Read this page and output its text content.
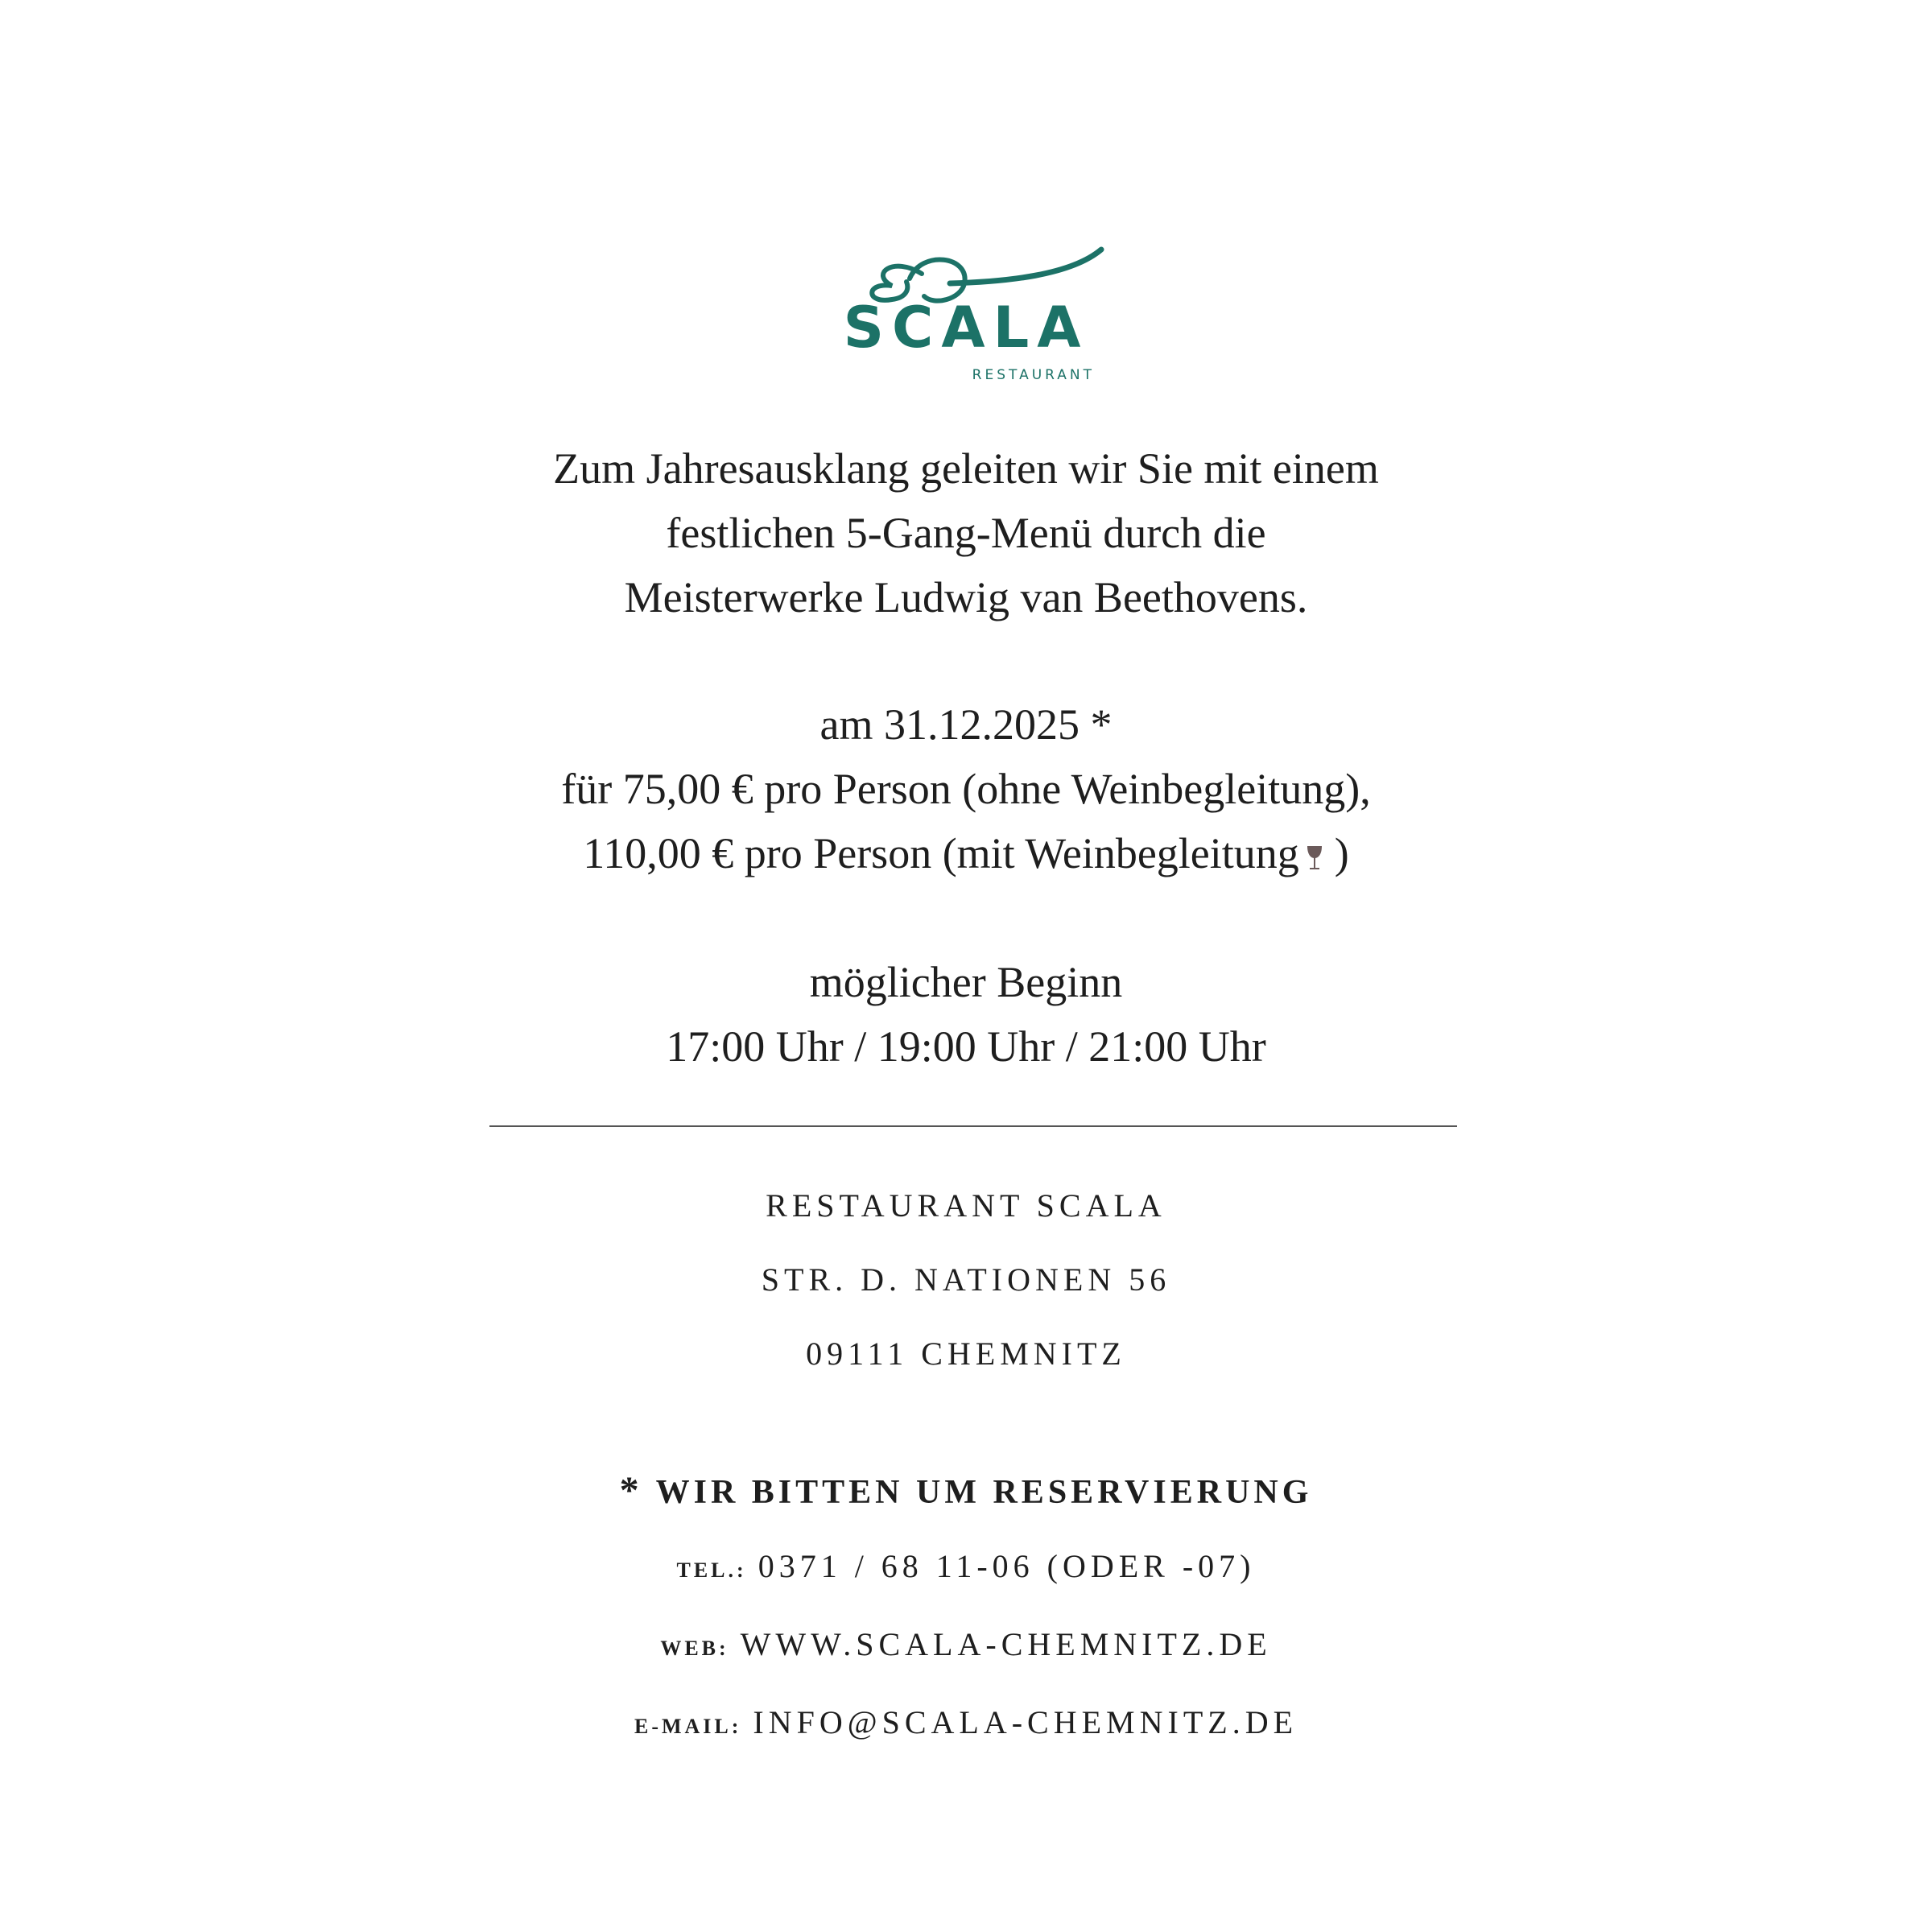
SCALA
RESTAURANT
Zum Jahresausklang geleiten wir Sie mit einem
festlichen 5-Gang-Menü durch die
Meisterwerke Ludwig van Beethovens.
am 31.12.2025 *
für 75,00 € pro Person (ohne Weinbegleitung),
110,00 € pro Person (mit Weinbegleitung )
möglicher Beginn
17:00 Uhr / 19:00 Uhr / 21:00 Uhr
RESTAURANT SCALA
STR. D. NATIONEN 56
09111 CHEMNITZ
* WIR BITTEN UM RESERVIERUNG
TEL.: 0371 / 68 11-06 (ODER -07)
WEB: WWW.SCALA-CHEMNITZ.DE
E-MAIL: INFO@SCALA-CHEMNITZ.DE
